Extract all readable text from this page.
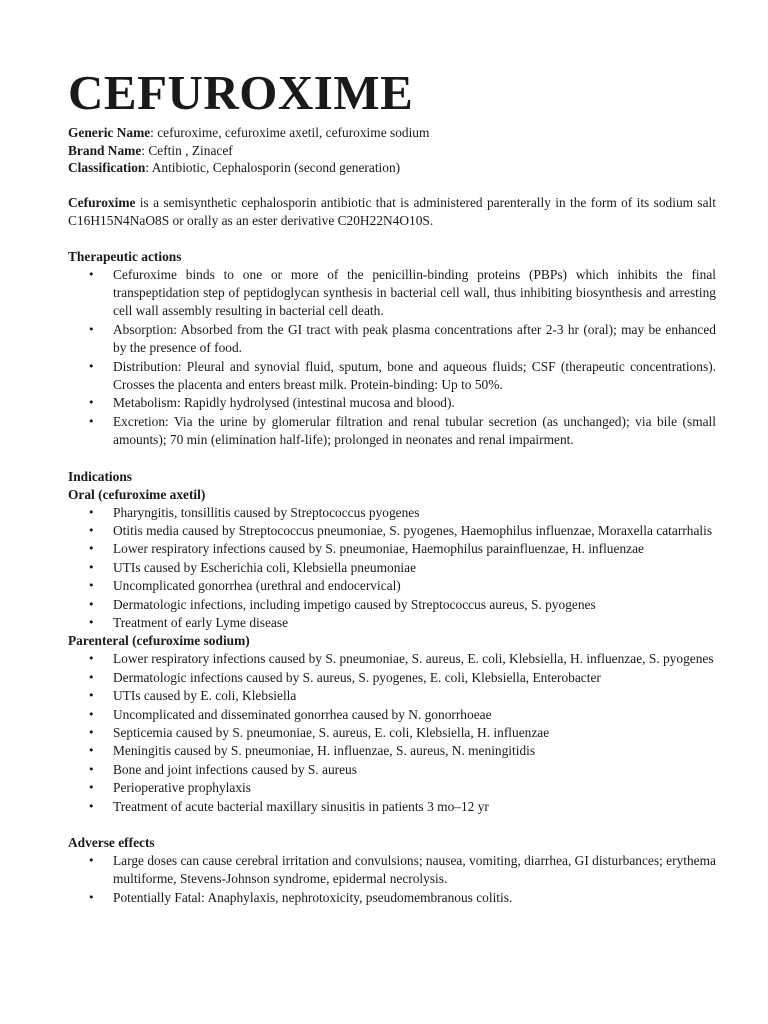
CEFUROXIME
Generic Name: cefuroxime, cefuroxime axetil, cefuroxime sodium
Brand Name: Ceftin , Zinacef
Classification: Antibiotic, Cephalosporin (second generation)

Cefuroxime is a semisynthetic cephalosporin antibiotic that is administered parenterally in the form of its sodium salt C16H15N4NaO8S or orally as an ester derivative C20H22N4O10S.

Therapeutic actions
• Cefuroxime binds to one or more of the penicillin-binding proteins (PBPs) which inhibits the final transpeptidation step of peptidoglycan synthesis in bacterial cell wall, thus inhibiting biosynthesis and arresting cell wall assembly resulting in bacterial cell death.
• Absorption: Absorbed from the GI tract with peak plasma concentrations after 2-3 hr (oral); may be enhanced by the presence of food.
• Distribution: Pleural and synovial fluid, sputum, bone and aqueous fluids; CSF (therapeutic concentrations). Crosses the placenta and enters breast milk. Protein-binding: Up to 50%.
• Metabolism: Rapidly hydrolysed (intestinal mucosa and blood).
• Excretion: Via the urine by glomerular filtration and renal tubular secretion (as unchanged); via bile (small amounts); 70 min (elimination half-life); prolonged in neonates and renal impairment.
Indications
Oral (cefuroxime axetil)
• Pharyngitis, tonsillitis caused by Streptococcus pyogenes
• Otitis media caused by Streptococcus pneumoniae, S. pyogenes, Haemophilus influenzae, Moraxella catarrhalis
• Lower respiratory infections caused by S. pneumoniae, Haemophilus parainfluenzae, H. influenzae
• UTIs caused by Escherichia coli, Klebsiella pneumoniae
• Uncomplicated gonorrhea (urethral and endocervical)
• Dermatologic infections, including impetigo caused by Streptococcus aureus, S. pyogenes
• Treatment of early Lyme disease
Parenteral (cefuroxime sodium)
• Lower respiratory infections caused by S. pneumoniae, S. aureus, E. coli, Klebsiella, H. influenzae, S. pyogenes
• Dermatologic infections caused by S. aureus, S. pyogenes, E. coli, Klebsiella, Enterobacter
• UTIs caused by E. coli, Klebsiella
• Uncomplicated and disseminated gonorrhea caused by N. gonorrhoeae
• Septicemia caused by S. pneumoniae, S. aureus, E. coli, Klebsiella, H. influenzae
• Meningitis caused by S. pneumoniae, H. influenzae, S. aureus, N. meningitidis
• Bone and joint infections caused by S. aureus
• Perioperative prophylaxis
• Treatment of acute bacterial maxillary sinusitis in patients 3 mo–12 yr
Adverse effects
• Large doses can cause cerebral irritation and convulsions; nausea, vomiting, diarrhea, GI disturbances; erythema multiforme, Stevens-Johnson syndrome, epidermal necrolysis.
• Potentially Fatal: Anaphylaxis, nephrotoxicity, pseudomembranous colitis.
